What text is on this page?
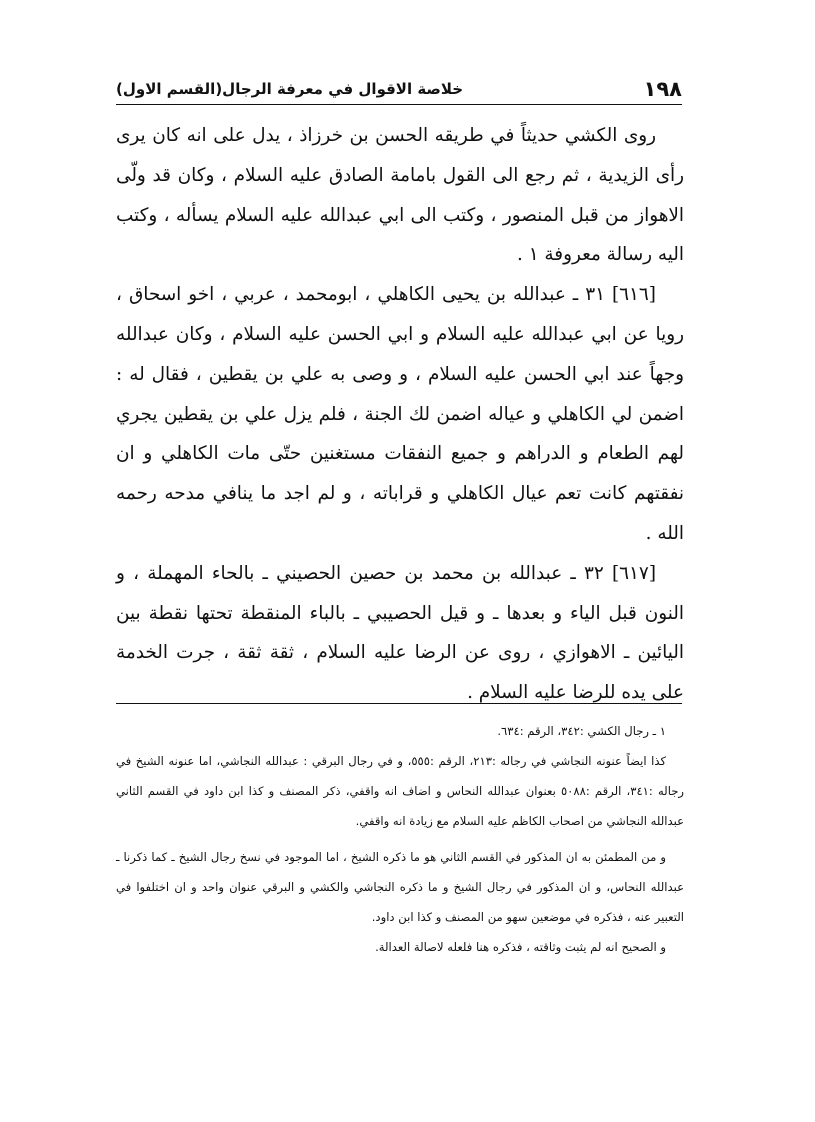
١٩٨
خلاصة الاقوال في معرفة الرجال(القسم الاول)

روى الكشي حديثاً في طريقه الحسن بن خرزاذ ، يدل على انه كان يرى رأى الزيدية ، ثم رجع الى القول بامامة الصادق عليه السلام ، وكان قد ولّى الاهواز من قبل المنصور ، وكتب الى ابي عبدالله عليه السلام يسأله ، وكتب اليه رسالة معروفة ١ .

[٦١٦] ٣١ ـ عبدالله بن يحيى الكاهلي ، ابومحمد ، عربي ، اخو اسحاق ، رويا عن ابي عبدالله عليه السلام و ابي الحسن عليه السلام ، وكان عبدالله وجهاً عند ابي الحسن عليه السلام ، و وصى به علي بن يقطين ، فقال له : اضمن لي الكاهلي و عياله اضمن لك الجنة ، فلم يزل علي بن يقطين يجري لهم الطعام و الدراهم و جميع النفقات مستغنين حتّى مات الكاهلي و ان نفقتهم كانت تعم عيال الكاهلي و قراباته ، و لم اجد ما ينافي مدحه رحمه الله .

[٦١٧] ٣٢ ـ عبدالله بن محمد بن حصين الحصيني ـ بالحاء المهملة ، و النون قبل الياء و بعدها ـ و قيل الحصيبي ـ بالباء المنقطة تحتها نقطة بين اليائين ـ الاهوازي ، روى عن الرضا عليه السلام ، ثقة ثقة ، جرت الخدمة على يده للرضا عليه السلام .

١ ـ رجال الكشي :٣٤٢، الرقم :٦٣٤.

كذا ايضاً عنونه النجاشي في رجاله :٢١٣، الرقم :٥٥٥، و في رجال البرقي : عبدالله النجاشي، اما عنونه الشيخ في رجاله :٣٤١، الرقم :٥٠٨٨ بعنوان عبدالله النحاس و اضاف انه واقفي، ذكر المصنف و كذا ابن داود في القسم الثاني عبدالله النجاشي من اصحاب الكاظم عليه السلام مع زيادة انه واقفي.

و من المطمئن به ان المذكور في القسم الثاني هو ما ذكره الشيخ ، اما الموجود في نسخ رجال الشيخ ـ كما ذكرنا ـ عبدالله النحاس، و ان المذكور في رجال الشيخ و ما ذكره النجاشي والكشي و البرقي عنوان واحد و ان اختلفوا في التعبير عنه ، فذكره في موضعين سهو من المصنف و كذا ابن داود.

و الصحيح انه لم يثبت وثاقته ، فذكره هنا فلعله لاصالة العدالة.
